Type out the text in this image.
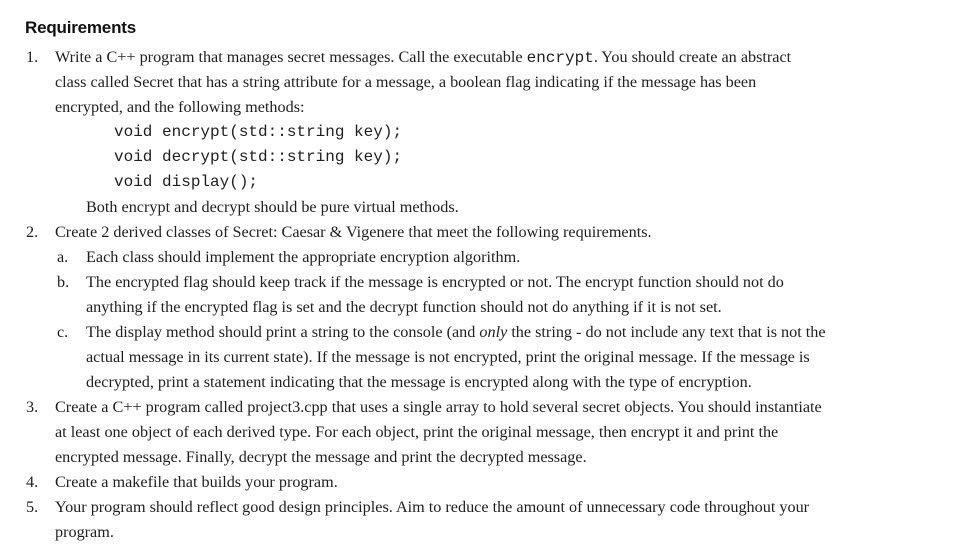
Requirements
1. Write a C++ program that manages secret messages. Call the executable encrypt. You should create an abstract
class called Secret that has a string attribute for a message, a boolean flag indicating if the message has been
encrypted, and the following methods:
void encrypt(std::string key);
void decrypt(std::string key);
void display();
Both encrypt and decrypt should be pure virtual methods.
2. Create 2 derived classes of Secret: Caesar & Vigenere that meet the following requirements.
a. Each class should implement the appropriate encryption algorithm.
b. The encrypted flag should keep track if the message is encrypted or not. The encrypt function should not do
anything if the encrypted flag is set and the decrypt function should not do anything if it is not set.
c. The display method should print a string to the console (and only the string - do not include any text that is not the
actual message in its current state). If the message is not encrypted, print the original message. If the message is
decrypted, print a statement indicating that the message is encrypted along with the type of encryption.
3. Create a C++ program called project3.cpp that uses a single array to hold several secret objects. You should instantiate
at least one object of each derived type. For each object, print the original message, then encrypt it and print the
encrypted message. Finally, decrypt the message and print the decrypted message.
4. Create a makefile that builds your program.
5. Your program should reflect good design principles. Aim to reduce the amount of unnecessary code throughout your
program.
